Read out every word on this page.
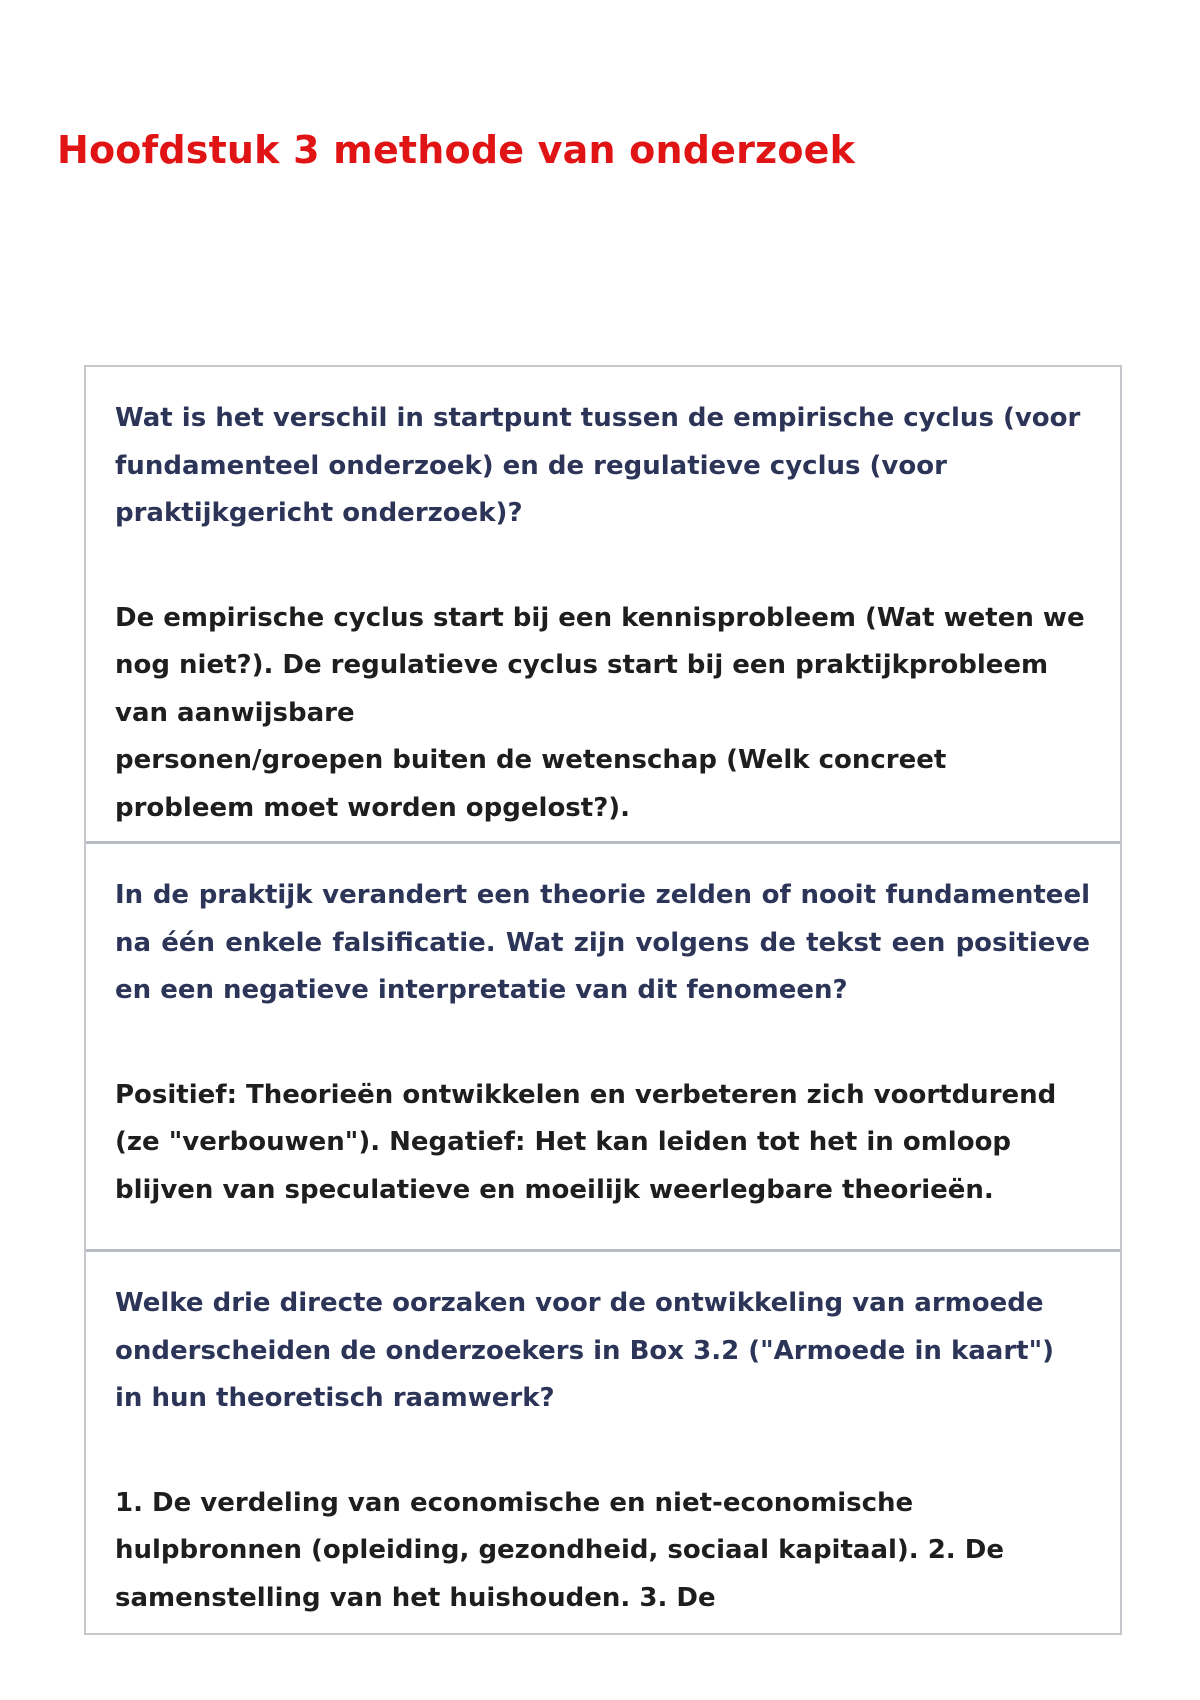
Hoofdstuk 3 methode van onderzoek

Wat is het verschil in startpunt tussen de empirische cyclus (voor fundamenteel onderzoek) en de regulatieve cyclus (voor praktijkgericht onderzoek)?

De empirische cyclus start bij een kennisprobleem (Wat weten we nog niet?). De regulatieve cyclus start bij een praktijkprobleem van aanwijsbare
personen/groepen buiten de wetenschap (Welk concreet probleem moet worden opgelost?).

In de praktijk verandert een theorie zelden of nooit fundamenteel na één enkele falsificatie. Wat zijn volgens de tekst een positieve en een negatieve interpretatie van dit fenomeen?

Positief: Theorieën ontwikkelen en verbeteren zich voortdurend (ze "verbouwen"). Negatief: Het kan leiden tot het in omloop blijven van speculatieve en moeilijk weerlegbare theorieën.

Welke drie directe oorzaken voor de ontwikkeling van armoede onderscheiden de onderzoekers in Box 3.2 ("Armoede in kaart") in hun theoretisch raamwerk?

1. De verdeling van economische en niet-economische hulpbronnen (opleiding, gezondheid, sociaal kapitaal). 2. De samenstelling van het huishouden. 3. De
